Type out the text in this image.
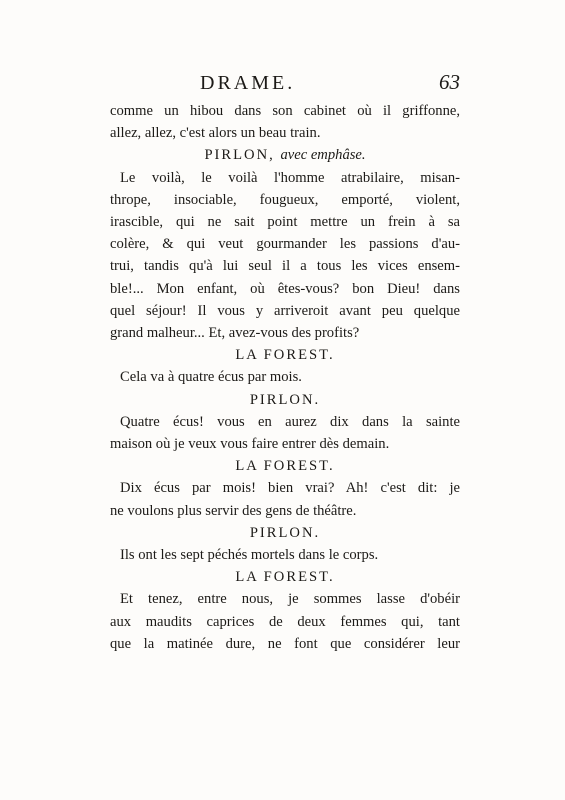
DRAME.	63
comme un hibou dans son cabinet où il griffonne,
allez, allez, c'est alors un beau train.
PIRLON, avec emphâse.
Le voilà, le voilà l'homme atrabilaire, misan-
thrope, insociable, fougueux, emporté, violent,
irascible, qui ne sait point mettre un frein à sa
colère, & qui veut gourmander les passions d'au-
trui, tandis qu'à lui seul il a tous les vices ensem-
ble!... Mon enfant, où êtes-vous? bon Dieu! dans
quel séjour! Il vous y arriveroit avant peu quelque
grand malheur... Et, avez-vous des profits?
LA FOREST.
Cela va à quatre écus par mois.
PIRLON.
Quatre écus! vous en aurez dix dans la sainte
maison où je veux vous faire entrer dès demain.
LA FOREST.
Dix écus par mois! bien vrai? Ah! c'est dit: je
ne voulons plus servir des gens de théâtre.
PIRLON.
Ils ont les sept péchés mortels dans le corps.
LA FOREST.
Et tenez, entre nous, je sommes lasse d'obéir
aux maudits caprices de deux femmes qui, tant
que la matinée dure, ne font que considérer leur
